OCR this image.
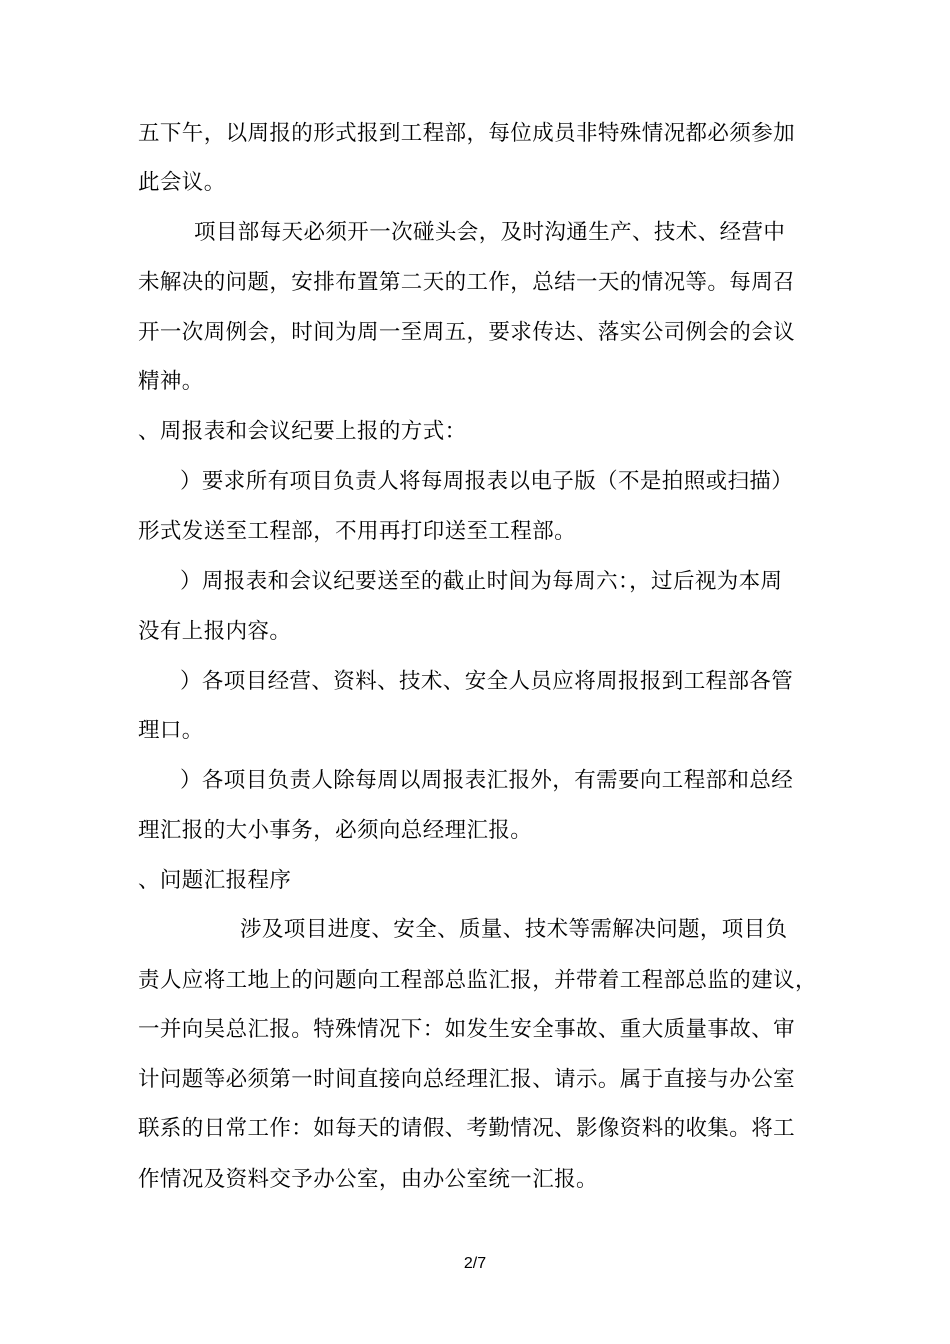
五下午，以周报的形式报到工程部，每位成员非特殊情况都必须参加
此会议。
项目部每天必须开一次碰头会，及时沟通生产、技术、经营中
未解决的问题，安排布置第二天的工作，总结一天的情况等。每周召
开一次周例会，时间为周一至周五，要求传达、落实公司例会的会议
精神。
、周报表和会议纪要上报的方式：
）要求所有项目负责人将每周报表以电子版（不是拍照或扫描）
形式发送至工程部，不用再打印送至工程部。
）周报表和会议纪要送至的截止时间为每周六：，过后视为本周
没有上报内容。
）各项目经营、资料、技术、安全人员应将周报报到工程部各管
理口。
）各项目负责人除每周以周报表汇报外，有需要向工程部和总经
理汇报的大小事务，必须向总经理汇报。
、问题汇报程序
涉及项目进度、安全、质量、技术等需解决问题，项目负
责人应将工地上的问题向工程部总监汇报，并带着工程部总监的建议，
一并向吴总汇报。特殊情况下：如发生安全事故、重大质量事故、审
计问题等必须第一时间直接向总经理汇报、请示。属于直接与办公室
联系的日常工作：如每天的请假、考勤情况、影像资料的收集。将工
作情况及资料交予办公室，由办公室统一汇报。
2/7
